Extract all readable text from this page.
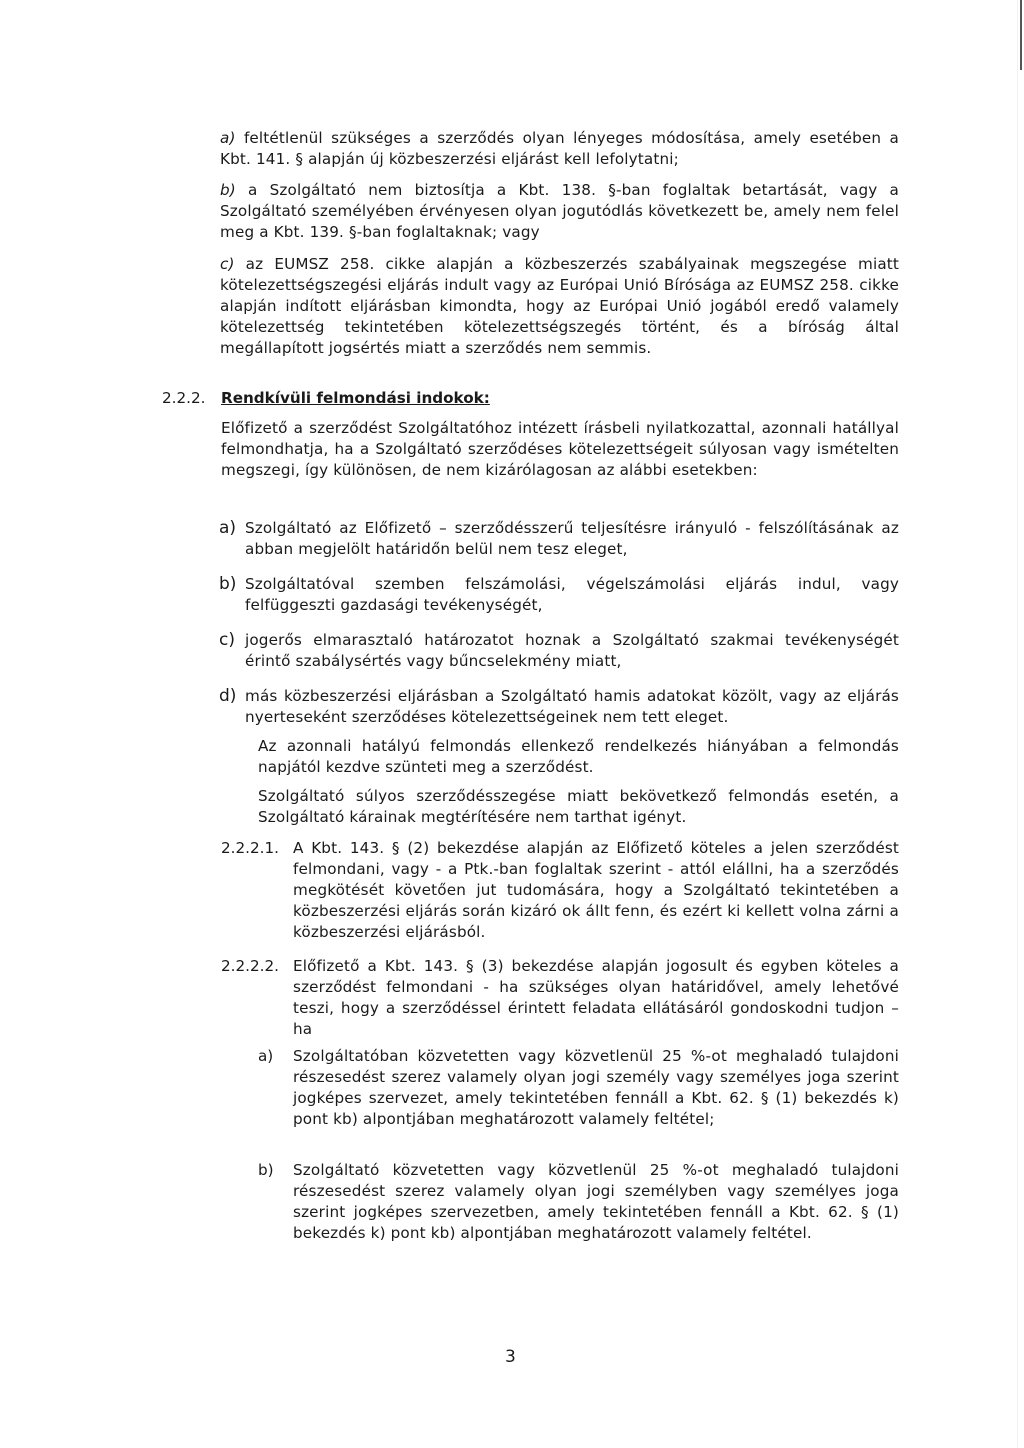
a) feltétlenül szükséges a szerződés olyan lényeges módosítása, amely esetében a Kbt. 141. § alapján új közbeszerzési eljárást kell lefolytatni;
b) a Szolgáltató nem biztosítja a Kbt. 138. §-ban foglaltak betartását, vagy a Szolgáltató személyében érvényesen olyan jogutódlás következett be, amely nem felel meg a Kbt. 139. §-ban foglaltaknak; vagy
c) az EUMSZ 258. cikke alapján a közbeszerzés szabályainak megszegése miatt kötelezettségszegési eljárás indult vagy az Európai Unió Bírósága az EUMSZ 258. cikke alapján indított eljárásban kimondta, hogy az Európai Unió jogából eredő valamely kötelezettség tekintetében kötelezettségszegés történt, és a bíróság által megállapított jogsértés miatt a szerződés nem semmis.
2.2.2. Rendkívüli felmondási indokok:
Előfizető a szerződést Szolgáltatóhoz intézett írásbeli nyilatkozattal, azonnali hatállyal felmondhatja, ha a Szolgáltató szerződéses kötelezettségeit súlyosan vagy ismételten megszegi, így különösen, de nem kizárólagosan az alábbi esetekben:
a) Szolgáltató az Előfizető – szerződésszerű teljesítésre irányuló - felszólításának az abban megjelölt határidőn belül nem tesz eleget,
b) Szolgáltatóval szemben felszámolási, végelszámolási eljárás indul, vagy felfüggeszti gazdasági tevékenységét,
c) jogerős elmarasztaló határozatot hoznak a Szolgáltató szakmai tevékenységét érintő szabálysértés vagy bűncselekmény miatt,
d) más közbeszerzési eljárásban a Szolgáltató hamis adatokat közölt, vagy az eljárás nyerteseként szerződéses kötelezettségeinek nem tett eleget.
Az azonnali hatályú felmondás ellenkező rendelkezés hiányában a felmondás napjától kezdve szünteti meg a szerződést.
Szolgáltató súlyos szerződésszegése miatt bekövetkező felmondás esetén, a Szolgáltató kárainak megtérítésére nem tarthat igényt.
2.2.2.1. A Kbt. 143. § (2) bekezdése alapján az Előfizető köteles a jelen szerződést felmondani, vagy - a Ptk.-ban foglaltak szerint - attól elállni, ha a szerződés megkötését követően jut tudomására, hogy a Szolgáltató tekintetében a közbeszerzési eljárás során kizáró ok állt fenn, és ezért ki kellett volna zárni a közbeszerzési eljárásból.
2.2.2.2. Előfizető a Kbt. 143. § (3) bekezdése alapján jogosult és egyben köteles a szerződést felmondani - ha szükséges olyan határidővel, amely lehetővé teszi, hogy a szerződéssel érintett feladata ellátásáról gondoskodni tudjon – ha
a) Szolgáltatóban közvetetten vagy közvetlenül 25 %-ot meghaladó tulajdoni részesedést szerez valamely olyan jogi személy vagy személyes joga szerint jogképes szervezet, amely tekintetében fennáll a Kbt. 62. § (1) bekezdés k) pont kb) alpontjában meghatározott valamely feltétel;
b) Szolgáltató közvetetten vagy közvetlenül 25 %-ot meghaladó tulajdoni részesedést szerez valamely olyan jogi személyben vagy személyes joga szerint jogképes szervezetben, amely tekintetében fennáll a Kbt. 62. § (1) bekezdés k) pont kb) alpontjában meghatározott valamely feltétel.
3
